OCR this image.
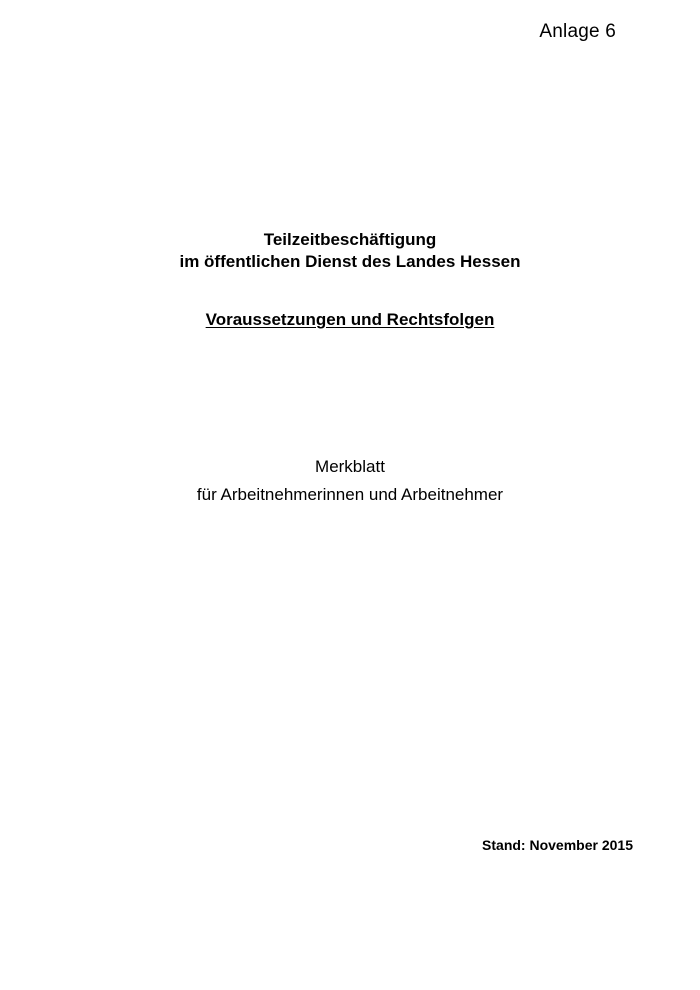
Anlage 6
Teilzeitbeschäftigung
im öffentlichen Dienst des Landes Hessen
Voraussetzungen und Rechtsfolgen
Merkblatt
für Arbeitnehmerinnen und Arbeitnehmer
Stand: November 2015
